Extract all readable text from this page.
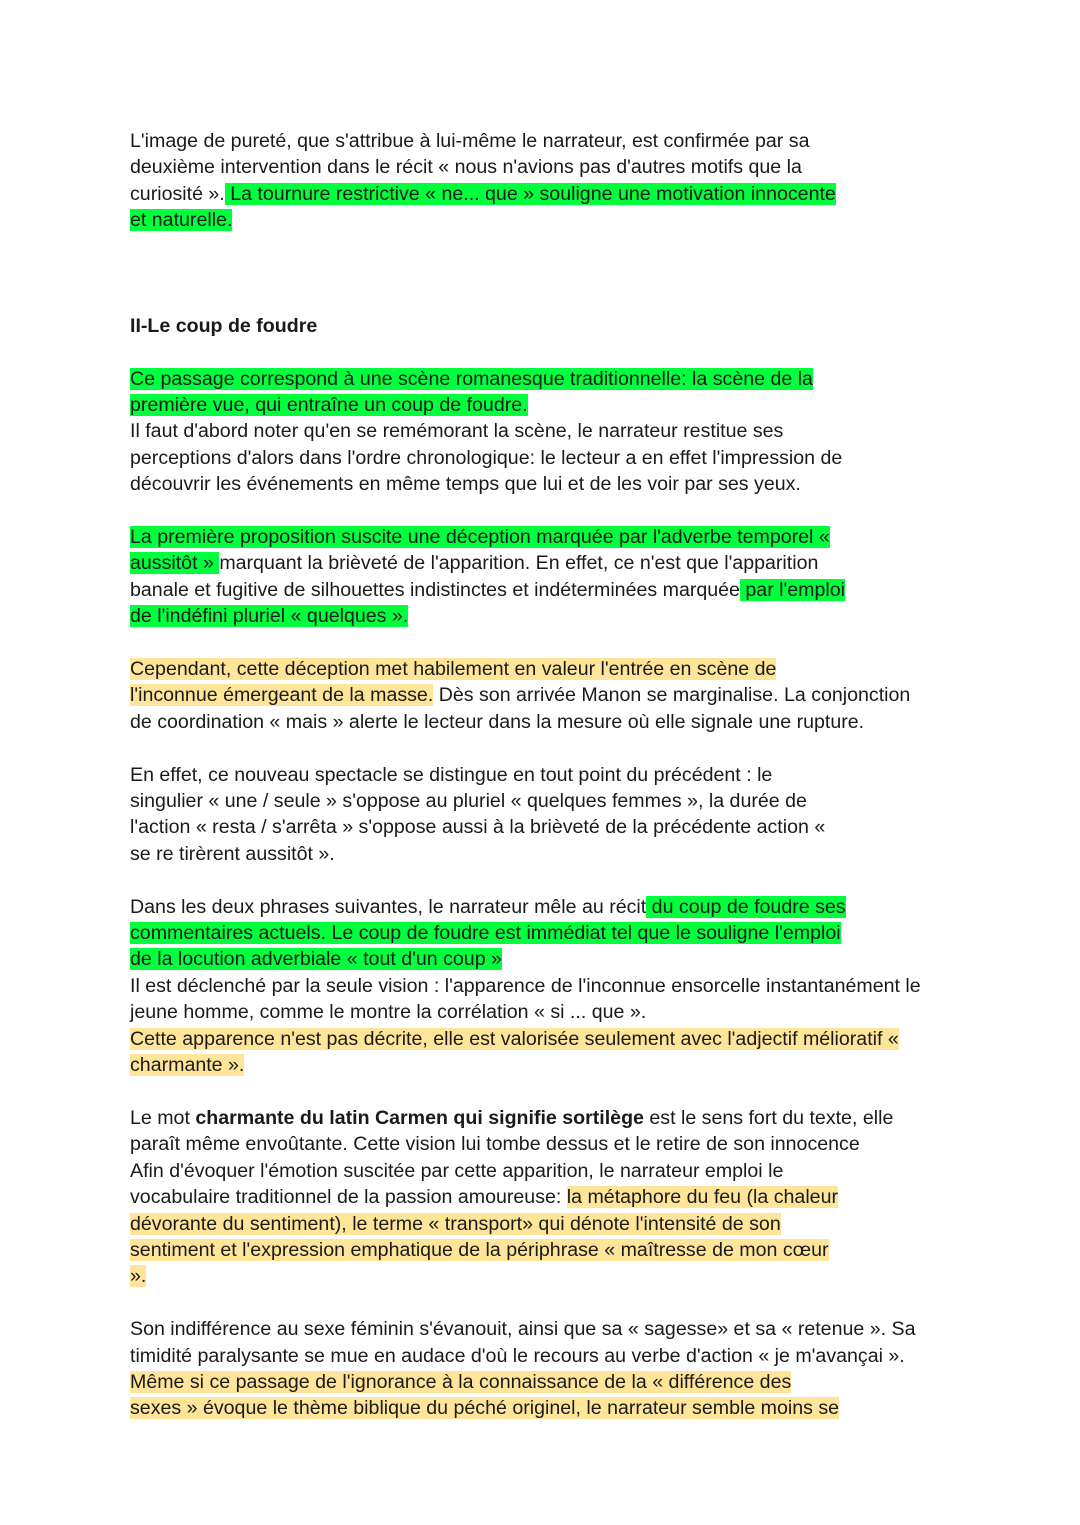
L'image de pureté, que s'attribue à lui-même le narrateur, est confirmée par sa
deuxième intervention dans le récit « nous n'avions pas d'autres motifs que la
curiosité ». La tournure restrictive « ne... que » souligne une motivation innocente
et naturelle.
II-Le coup de foudre
Ce passage correspond à une scène romanesque traditionnelle: la scène de la
première vue, qui entraîne un coup de foudre.
Il faut d'abord noter qu'en se remémorant la scène, le narrateur restitue ses
perceptions d'alors dans l'ordre chronologique: le lecteur a en effet l'impression de
découvrir les événements en même temps que lui et de les voir par ses yeux.
La première proposition suscite une déception marquée par l'adverbe temporel «
aussitôt » marquant la brièveté de l'apparition. En effet, ce n'est que l'apparition
banale et fugitive de silhouettes indistinctes et indéterminées marquée par l'emploi
de l'indéfini pluriel « quelques ».
Cependant, cette déception met habilement en valeur l'entrée en scène de
l'inconnue émergeant de la masse. Dès son arrivée Manon se marginalise. La conjonction
de coordination « mais » alerte le lecteur dans la mesure où elle signale une rupture.
En effet, ce nouveau spectacle se distingue en tout point du précédent : le
singulier « une / seule » s'oppose au pluriel « quelques femmes », la durée de
l'action « resta / s'arrêta » s'oppose aussi à la brièveté de la précédente action «
se re tirèrent aussitôt ».
Dans les deux phrases suivantes, le narrateur mêle au récit du coup de foudre ses
commentaires actuels. Le coup de foudre est immédiat tel que le souligne l'emploi
de la locution adverbiale « tout d'un coup »
Il est déclenché par la seule vision : l'apparence de l'inconnue ensorcelle instantanément le
jeune homme, comme le montre la corrélation « si ... que ».
Cette apparence n'est pas décrite, elle est valorisée seulement avec l'adjectif mélioratif «
charmante ».
Le mot charmante du latin Carmen qui signifie sortilège est le sens fort du texte, elle
paraît même envoûtante. Cette vision lui tombe dessus et le retire de son innocence
Afin d'évoquer l'émotion suscitée par cette apparition, le narrateur emploi le
vocabulaire traditionnel de la passion amoureuse: la métaphore du feu (la chaleur
dévorante du sentiment), le terme « transport» qui dénote l'intensité de son
sentiment et l'expression emphatique de la périphrase « maîtresse de mon cœur
».
Son indifférence au sexe féminin s'évanouit, ainsi que sa « sagesse» et sa « retenue ». Sa
timidité paralysante se mue en audace d'où le recours au verbe d'action « je m'avançai ».
Même si ce passage de l'ignorance à la connaissance de la « différence des
sexes » évoque le thème biblique du péché originel, le narrateur semble moins se
